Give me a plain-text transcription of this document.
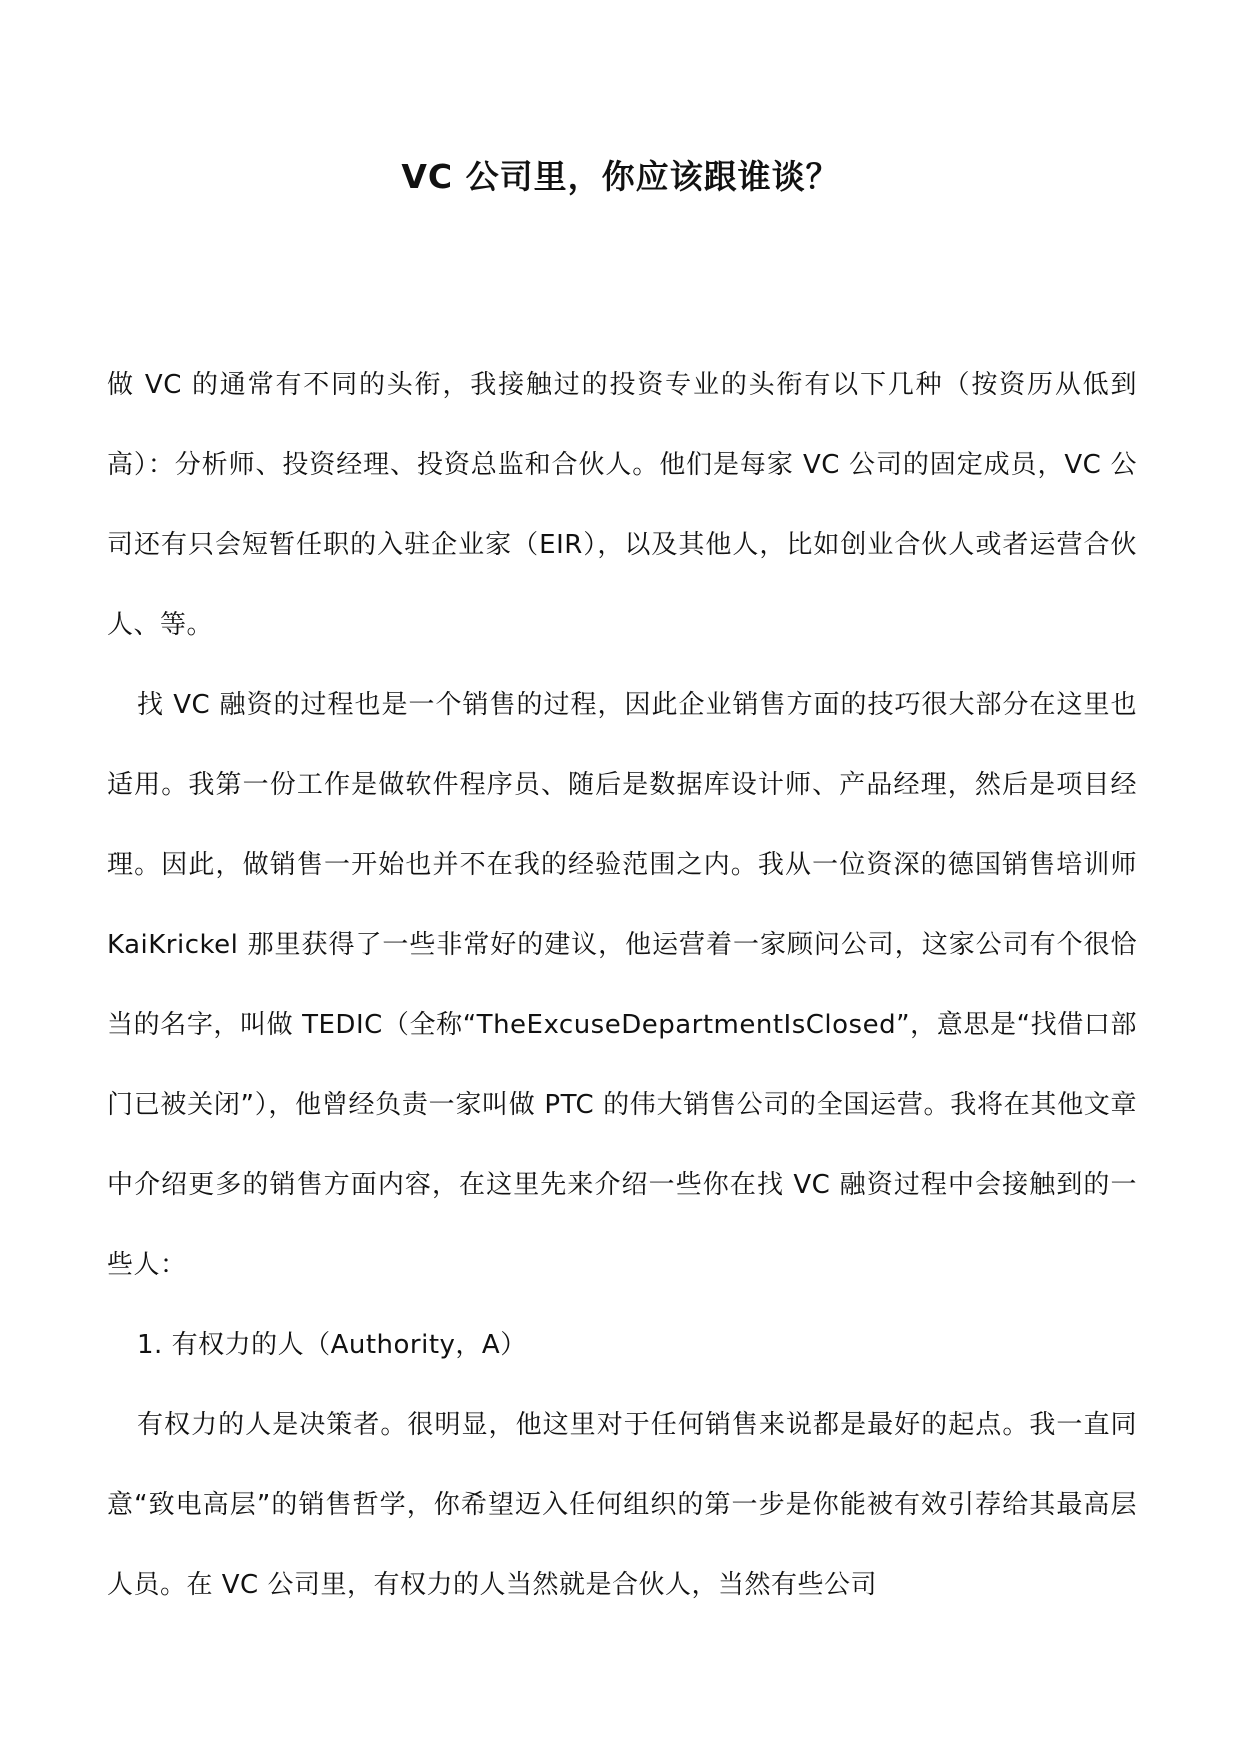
VC 公司里，你应该跟谁谈？

做 VC 的通常有不同的头衔，我接触过的投资专业的头衔有以下几种（按资历从低到高）：分析师、投资经理、投资总监和合伙人。他们是每家 VC 公司的固定成员，VC 公司还有只会短暂任职的入驻企业家（EIR），以及其他人，比如创业合伙人或者运营合伙人、等。

找 VC 融资的过程也是一个销售的过程，因此企业销售方面的技巧很大部分在这里也适用。我第一份工作是做软件程序员、随后是数据库设计师、产品经理，然后是项目经理。因此，做销售一开始也并不在我的经验范围之内。我从一位资深的德国销售培训师 KaiKrickel 那里获得了一些非常好的建议，他运营着一家顾问公司，这家公司有个很恰当的名字，叫做 TEDIC（全称“TheExcuseDepartmentIsClosed”，意思是“找借口部门已被关闭”），他曾经负责一家叫做 PTC 的伟大销售公司的全国运营。我将在其他文章中介绍更多的销售方面内容，在这里先来介绍一些你在找 VC 融资过程中会接触到的一些人：

1. 有权力的人（Authority，A）

有权力的人是决策者。很明显，他这里对于任何销售来说都是最好的起点。我一直同意“致电高层”的销售哲学，你希望迈入任何组织的第一步是你能被有效引荐给其最高层人员。在 VC 公司里，有权力的人当然就是合伙人，当然有些公司
